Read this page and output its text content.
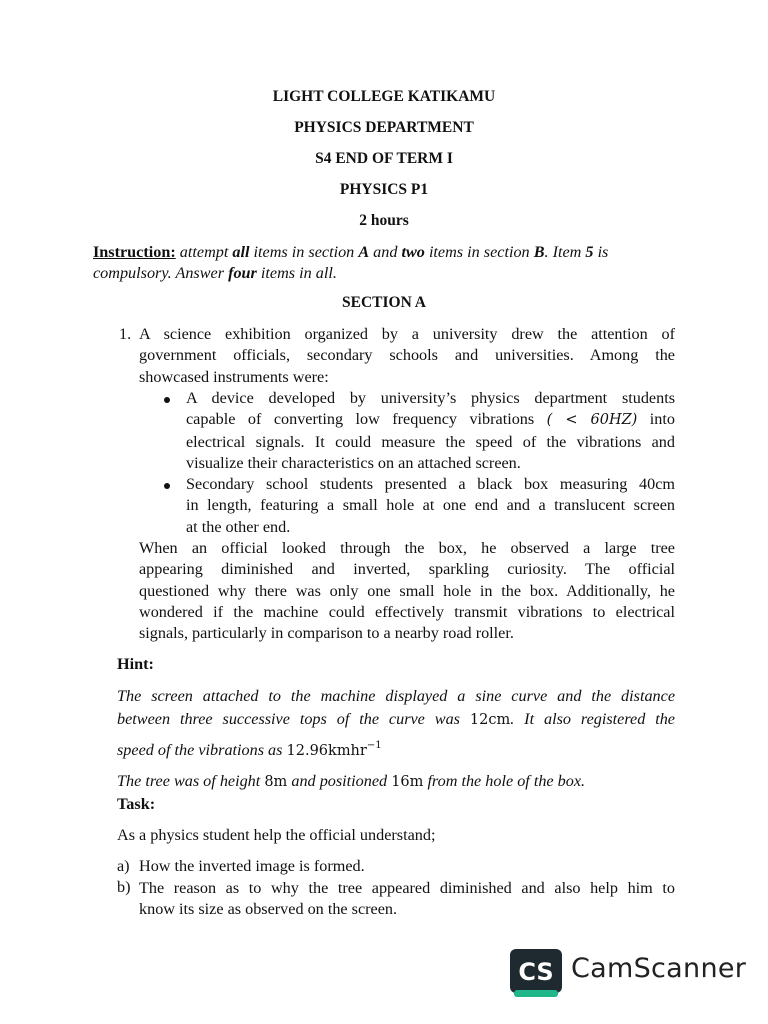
LIGHT COLLEGE KATIKAMU

PHYSICS DEPARTMENT

S4 END OF TERM I

PHYSICS P1

2 hours

Instruction: attempt all items in section A and two items in section B. Item 5 is
compulsory. Answer four items in all.

SECTION A

1. A science exhibition organized by a university drew the attention of
government officials, secondary schools and universities. Among the
showcased instruments were:
A device developed by university’s physics department students
capable of converting low frequency vibrations ( < 60HZ) into
electrical signals. It could measure the speed of the vibrations and
visualize their characteristics on an attached screen.
Secondary school students presented a black box measuring 40cm
in length, featuring a small hole at one end and a translucent screen
at the other end.
When an official looked through the box, he observed a large tree
appearing diminished and inverted, sparkling curiosity. The official
questioned why there was only one small hole in the box. Additionally, he
wondered if the machine could effectively transmit vibrations to electrical
signals, particularly in comparison to a nearby road roller.

Hint:

The screen attached to the machine displayed a sine curve and the distance
between three successive tops of the curve was 12cm. It also registered the
speed of the vibrations as 12.96kmhr$^{-1}$
The tree was of height 8m and positioned 16m from the hole of the box.

Task:

As a physics student help the official understand;

a) How the inverted image is formed.

b) The reason as to why the tree appeared diminished and also help him to
know its size as observed on the screen.
CS CamScanner
